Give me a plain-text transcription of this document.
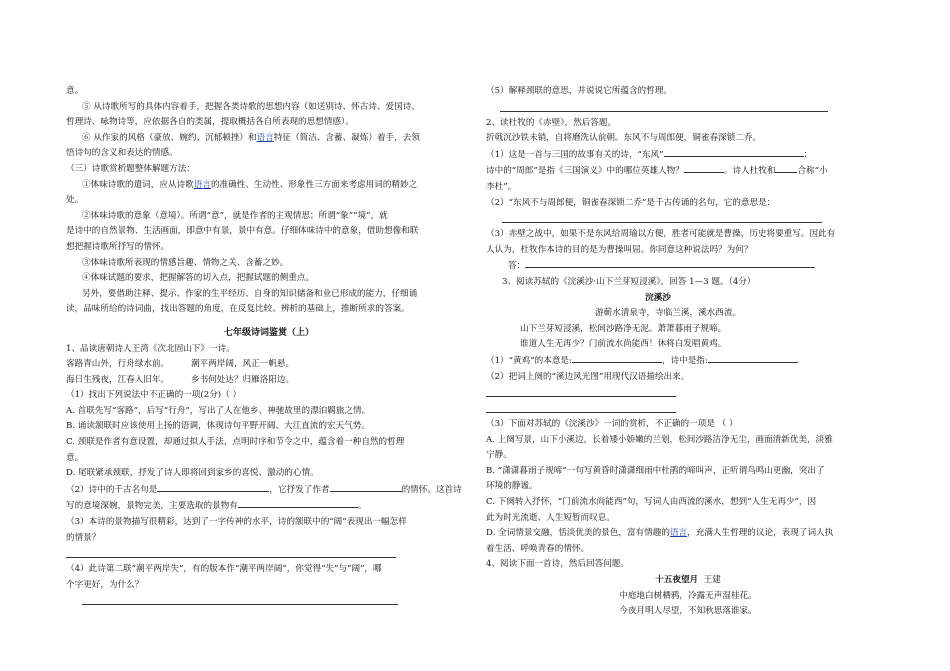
意。
⑤ 从诗歌所写的具体内容着手，把握各类诗歌的思想内容（如送别诗、怀古诗、爱国诗、
哲理诗、咏物诗等，应依据各自的类属，提取概括各自所表现的思想情感）。
⑥ 从作家的风格（豪放、婉约、沉郁顿挫）和语言特征（简洁、含蓄、凝炼）着手，去领
悟诗句的含义和表达的情感。
（三）诗歌赏析题整体解题方法：
①体味诗歌的遣词，应从诗歌语言的准确性、生动性、形象性三方面来考虑用词的精妙之
处。
②体味诗歌的意象（意境）。所谓“意”，就是作者的主观情思；所谓“象”“境”，就
是诗中的自然景物、生活画面，即意中有景，景中有意。仔细体味诗中的意象，借助想像和联
想把握诗歌所抒写的情怀。
③体味诗歌所表现的情感旨趣、情物之关、含蓄之妙。
④体味试题的要求，把握解答的切入点，把握试题的侧重点。
另外，要借助注释、提示、作家的生平经历、自身的知识储备和业已形成的能力，仔细诵
读，品味所给的诗词曲，找出答题的角度，在反复比较、辨析的基础上，推断所求的答案。
七年级诗词鉴赏（上）
1、品读唐朝诗人王湾《次北固山下》一诗。
客路青山外，行舟绿水前。        潮平两岸阔，风正一帆悬。
海日生残夜，江春入旧年。        乡书何处达？归雁洛阳边。
（1）找出下列说法中不正确的一项(2分)（ ）
A. 首联先写“客路”，后写“行舟”，写出了人在他乡、神驰故里的漂泊羁旅之情。
B. 诵读颔联时应该使用上扬的语调，体现诗句平野开阔、大江直流的宏天气势。
C. 颈联是作者有意设置，却通过拟人手法，点明时序和节令之中，蕴含着一种自然的哲理
意。
D. 尾联紧承颈联，抒发了诗人即将回到家乡的喜悦、激动的心情。
（2）诗中的千古名句是	，它抒发了作者	的情怀。这首诗
写的意境深婉，景物完美，主要选取的景物有	。
（3）本诗的景物描写很精彩，达到了一字传神的水平，诗的颔联中的“阔”表现出一幅怎样
的情景？
（4）此诗第二联“潮平两岸失”，有的版本作“潮平两岸阔”，你觉得“失”与“阔”，哪
个字更好，为什么？
（5）解释颈联的意思，并说说它所蕴含的哲理。
2、读杜牧的《赤壁》，然后答题。
折戟沉沙铁未销，自将磨洗认前朝。东风不与周郎便，铜雀春深锁二乔。
（1）这是一首与三国的故事有关的诗，“东风”	；
诗中的“周郎”是指《三国演义》中的哪位英雄人物？	。诗人杜牧和	合称“小
李杜”。
（2）“东风不与周郎便，铜雀春深锁二乔”是千古传诵的名句，它的意思是：
（3）赤壁之战中，如果不是东风给周瑜以方便，胜者可能就是曹操，历史将要重写。因此有
人认为，杜牧作本诗的目的是为曹操叫屈。你同意这种说法吗？为何？
答：
3、阅读苏轼的《浣溪沙·山下兰芽短浸溪》，回答 1—3 题。（4分）
浣溪沙
游蕲水清泉寺，寺临兰溪，溪水西流。
山下兰芽短浸溪，松间沙路净无泥。萧萧暮雨子规啼。
谁道人生无再少？门前流水尚能西！休将白发唱黄鸡。
（1）“黄鸡”的本意是:	，诗中是指:
（2）把词上阕的“溪边风光图”用现代汉语描绘出来。
（3）下面对苏轼的《浣溪沙》一词的赏析，不正确的一项是 （ ）
A. 上阕写景，山下小溪边，长着矮小娇嫩的兰划，松间沙路洁净无尘，画面清新优美，淡雅
宁静。
B. “潇潇暮雨子规啼”一句写黄昏时潇潇细雨中杜鹃的啼叫声，正听谓鸟鸣山更幽，突出了
环境的静谧。
C. 下阕转入抒怀，“门前流水尚能西”句，写词人由西流的溪水，想到“人生无再少”，因
此为时光流逝、人生短暂而叹息。
D. 全词情景交融，恬淡优美的景色，富有情趣的语言，充满人生哲理的议论，表现了词人执
着生活、呼唤青春的情怀。
4、阅读下面一首诗，然后回答问题。
十五夜望月 王建
中庭地白树栖鸦，冷露无声湿桂花。
今夜月明人尽望，不知秋思落谁家。
